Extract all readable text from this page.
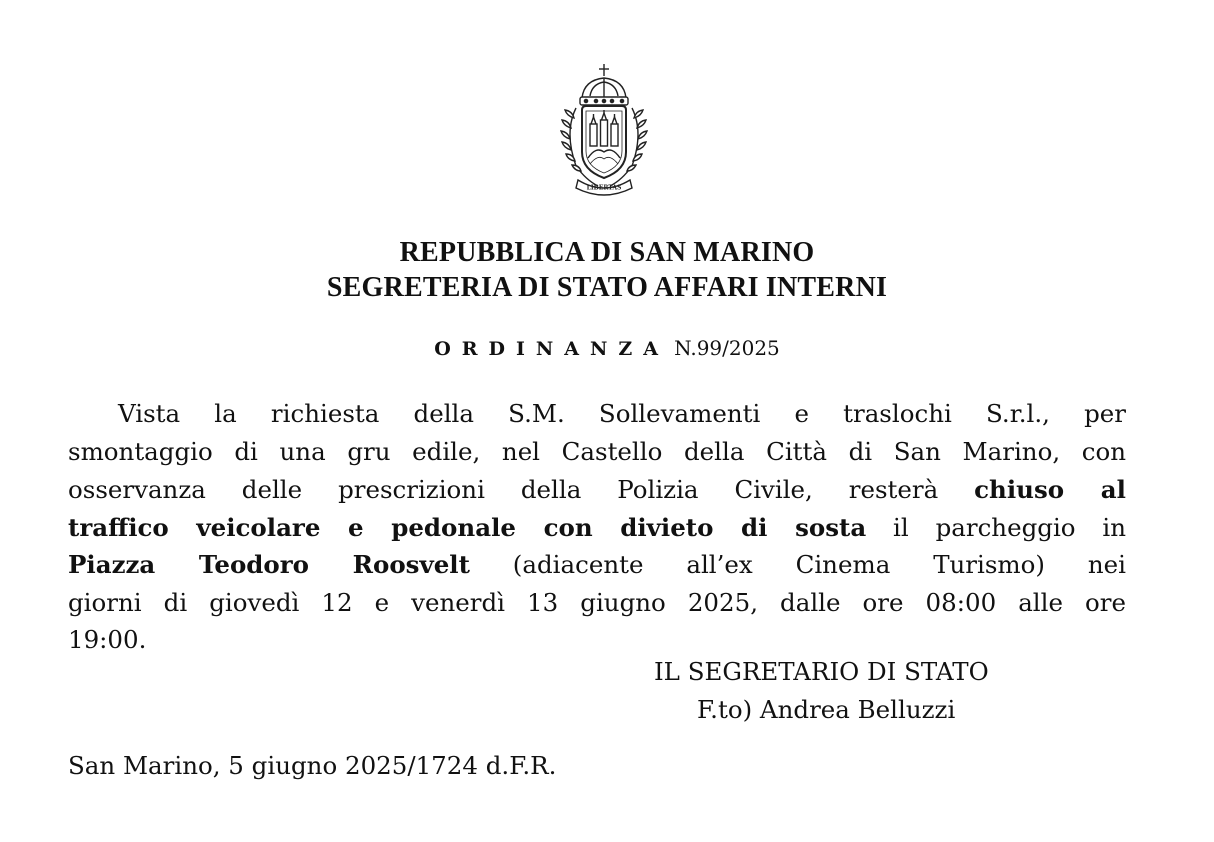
LIBERTAS
REPUBBLICA DI SAN MARINO
SEGRETERIA DI STATO AFFARI INTERNI
ORDINANZA N.99/2025
Vista la richiesta della S.M. Sollevamenti e traslochi S.r.l., per
smontaggio di una gru edile, nel Castello della Città di San Marino, con
osservanza delle prescrizioni della Polizia Civile, resterà chiuso al
traffico veicolare e pedonale con divieto di sosta il parcheggio in
Piazza Teodoro Roosvelt (adiacente all’ex Cinema Turismo) nei
giorni di giovedì 12 e venerdì 13 giugno 2025, dalle ore 08:00 alle ore
19:00.
IL SEGRETARIO DI STATO
F.to) Andrea Belluzzi
San Marino, 5 giugno 2025/1724 d.F.R.
